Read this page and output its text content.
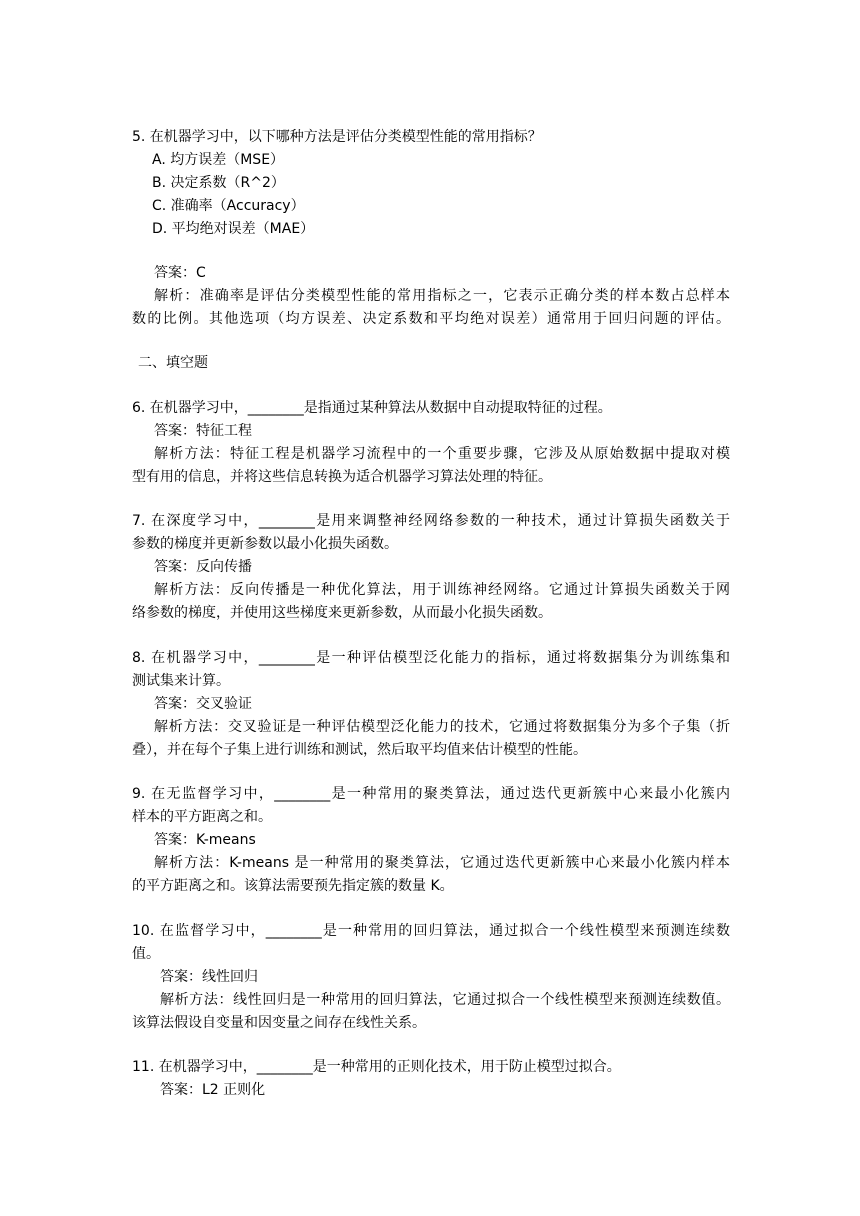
5. 在机器学习中，以下哪种方法是评估分类模型性能的常用指标？
A. 均方误差（MSE）
B. 决定系数（R^2）
C. 准确率（Accuracy）
D. 平均绝对误差（MAE）
答案：C
解析：准确率是评估分类模型性能的常用指标之一，它表示正确分类的样本数占总样本
数的比例。其他选项（均方误差、决定系数和平均绝对误差）通常用于回归问题的评估。
二、填空题
6. 在机器学习中，________是指通过某种算法从数据中自动提取特征的过程。
答案：特征工程
解析方法：特征工程是机器学习流程中的一个重要步骤，它涉及从原始数据中提取对模
型有用的信息，并将这些信息转换为适合机器学习算法处理的特征。
7. 在深度学习中，________是用来调整神经网络参数的一种技术，通过计算损失函数关于
参数的梯度并更新参数以最小化损失函数。
答案：反向传播
解析方法：反向传播是一种优化算法，用于训练神经网络。它通过计算损失函数关于网
络参数的梯度，并使用这些梯度来更新参数，从而最小化损失函数。
8. 在机器学习中，________是一种评估模型泛化能力的指标，通过将数据集分为训练集和
测试集来计算。
答案：交叉验证
解析方法：交叉验证是一种评估模型泛化能力的技术，它通过将数据集分为多个子集（折
叠），并在每个子集上进行训练和测试，然后取平均值来估计模型的性能。
9. 在无监督学习中，________是一种常用的聚类算法，通过迭代更新簇中心来最小化簇内
样本的平方距离之和。
答案：K-means
解析方法：K-means 是一种常用的聚类算法，它通过迭代更新簇中心来最小化簇内样本
的平方距离之和。该算法需要预先指定簇的数量 K。
10. 在监督学习中，________是一种常用的回归算法，通过拟合一个线性模型来预测连续数
值。
答案：线性回归
解析方法：线性回归是一种常用的回归算法，它通过拟合一个线性模型来预测连续数值。
该算法假设自变量和因变量之间存在线性关系。
11. 在机器学习中，________是一种常用的正则化技术，用于防止模型过拟合。
答案：L2 正则化
